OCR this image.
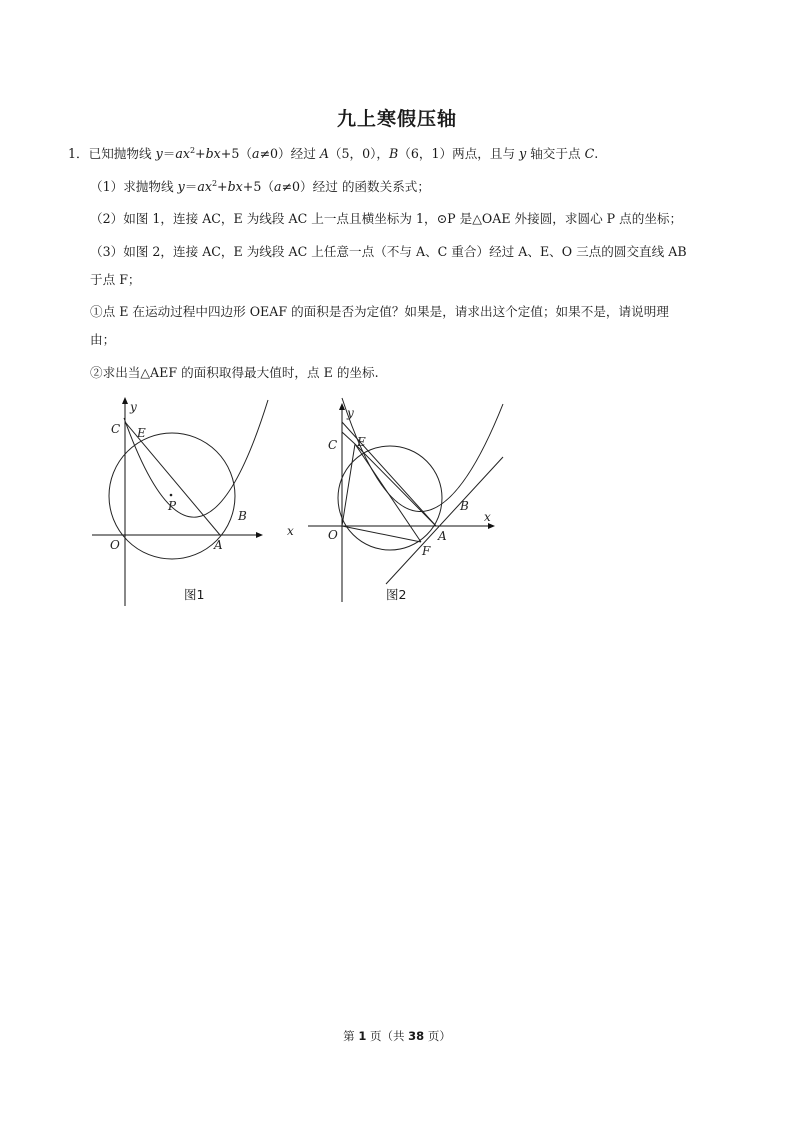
九上寒假压轴
1．已知抛物线 $y=ax^2+bx+5(a\ne 0)$经过 A（5，0），B（6，1）两点，且与 y 轴交于点 C.
（1）求抛物线 $y=ax^2+bx+5(a\ne 0)$经过 的函数关系式；
（2）如图 1，连接 AC，E 为线段 AC 上一点且横坐标为 1，⊙P 是△OAE 外接圆，求圆心 P 点的坐标；
（3）如图 2，连接 AC，E 为线段 AC 上任意一点（不与 A、C 重合）经过 A、E、O 三点的圆交直线 AB
于点 F；
①点 E 在运动过程中四边形 OEAF 的面积是否为定值？如果是，请求出这个定值；如果不是，请说明理
由；
②求出当△AEF 的面积取得最大值时，点 E 的坐标.
y
x
C E
P
B
O	A
图1
y
x
C E
B
O	A
F
图2
第 1 页（共 38 页）
